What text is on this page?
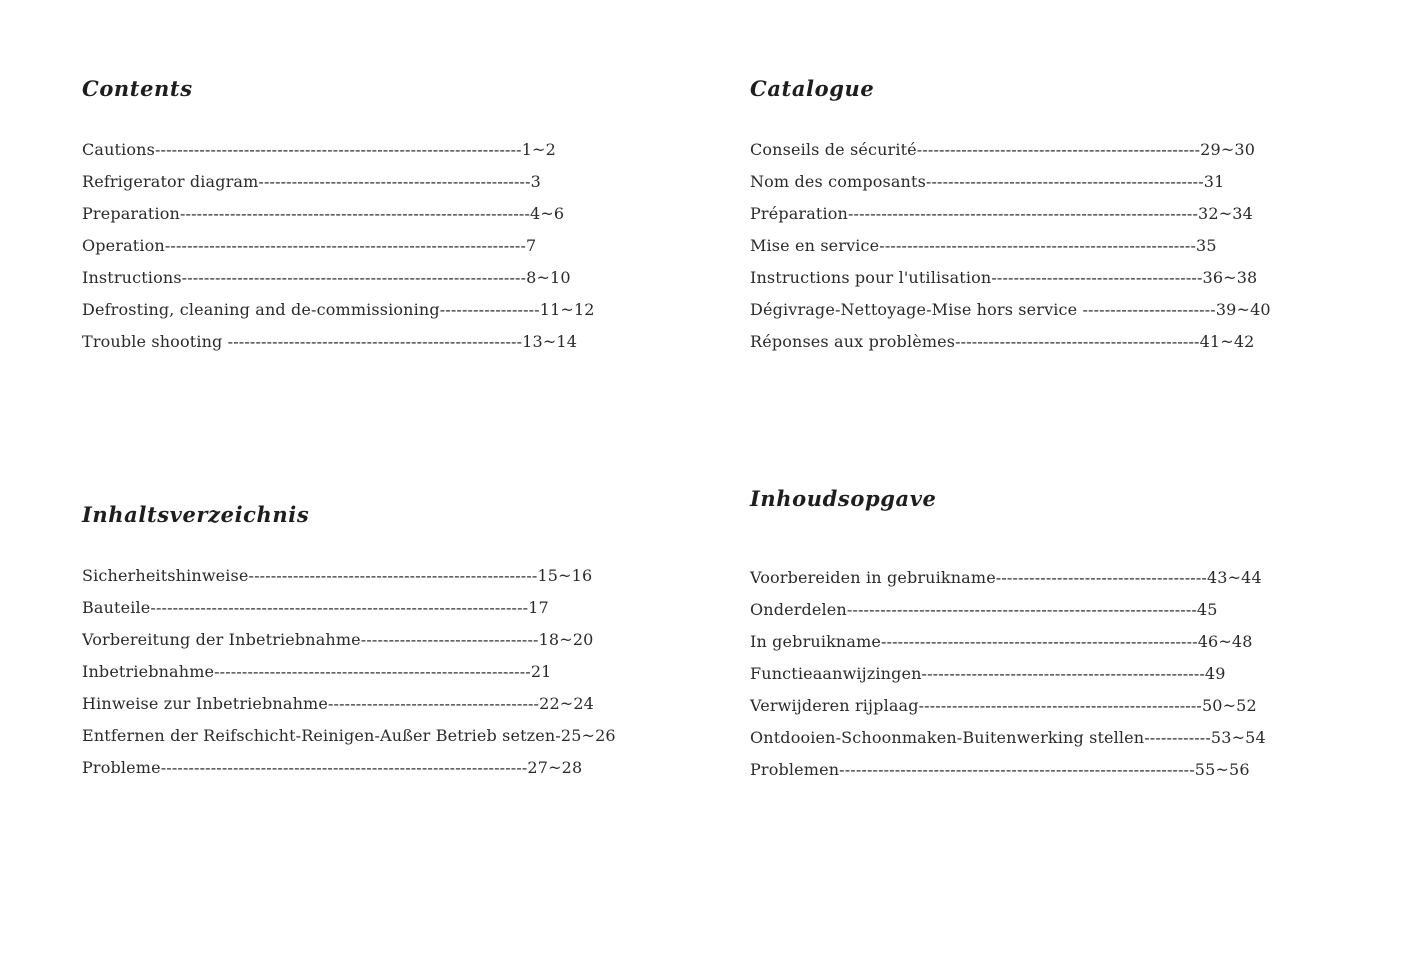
Contents
Cautions------------------------------------------------------------------1~2
Refrigerator diagram-------------------------------------------------3
Preparation---------------------------------------------------------------4~6
Operation-----------------------------------------------------------------7
Instructions--------------------------------------------------------------8~10
Defrosting, cleaning and de-commissioning------------------11~12
Trouble shooting -----------------------------------------------------13~14
Catalogue
Conseils de sécurité---------------------------------------------------29~30
Nom des composants--------------------------------------------------31
Préparation---------------------------------------------------------------32~34
Mise en service---------------------------------------------------------35
Instructions pour l'utilisation--------------------------------------36~38
Dégivrage-Nettoyage-Mise hors service ------------------------39~40
Réponses aux problèmes--------------------------------------------41~42
Inhaltsverzeichnis
Sicherheitshinweise----------------------------------------------------15~16
Bauteile--------------------------------------------------------------------17
Vorbereitung der Inbetriebnahme--------------------------------18~20
Inbetriebnahme---------------------------------------------------------21
Hinweise zur Inbetriebnahme--------------------------------------22~24
Entfernen der Reifschicht-Reinigen-Außer Betrieb setzen-25~26
Probleme------------------------------------------------------------------27~28
Inhoudsopgave
Voorbereiden in gebruikname--------------------------------------43~44
Onderdelen---------------------------------------------------------------45
In gebruikname---------------------------------------------------------46~48
Functieaanwijzingen---------------------------------------------------49
Verwijderen rijplaag---------------------------------------------------50~52
Ontdooien-Schoonmaken-Buitenwerking stellen------------53~54
Problemen----------------------------------------------------------------55~56
